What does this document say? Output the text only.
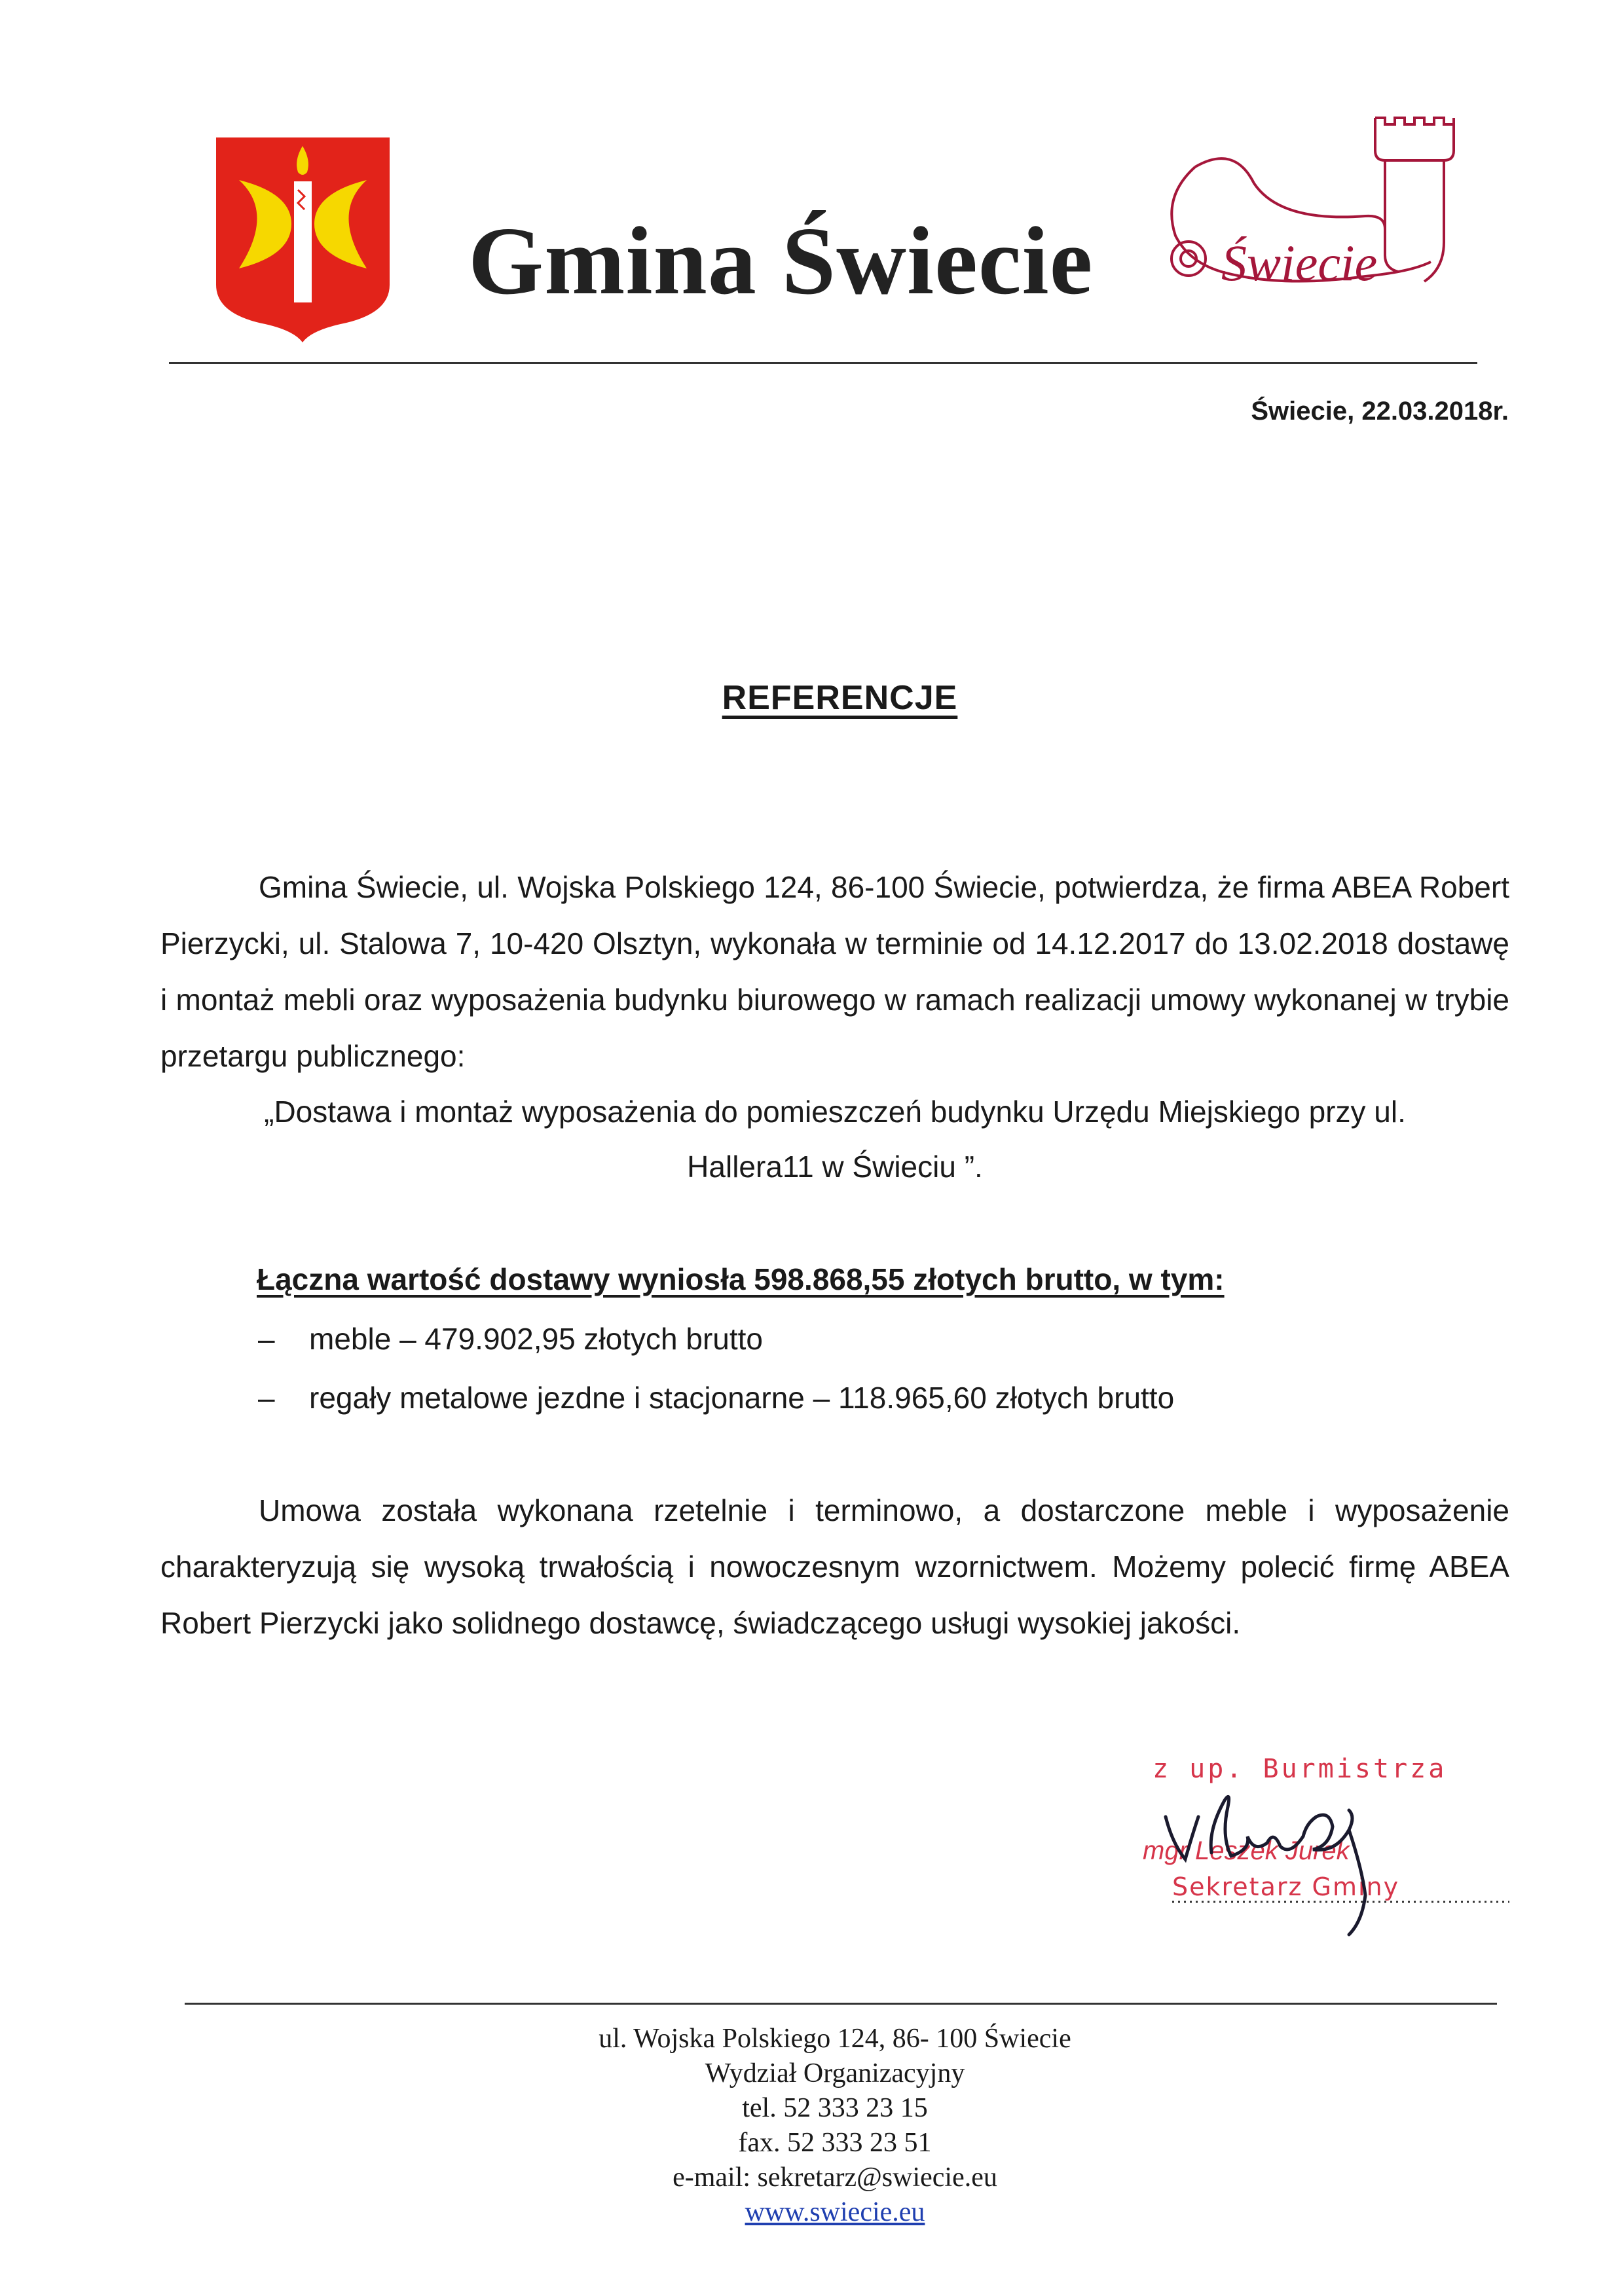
Gmina Świecie	Świecie
Świecie, 22.03.2018r.
REFERENCJE
Gmina Świecie, ul. Wojska Polskiego 124, 86-100 Świecie, potwierdza, że firma ABEA Robert Pierzycki, ul. Stalowa 7, 10-420 Olsztyn, wykonała w terminie od 14.12.2017 do 13.02.2018 dostawę i montaż mebli oraz wyposażenia budynku biurowego w ramach realizacji umowy wykonanej w trybie przetargu publicznego:
„Dostawa i montaż wyposażenia do pomieszczeń budynku Urzędu Miejskiego przy ul. Hallera11 w Świeciu ”.
Łączna wartość dostawy wyniosła 598.868,55 złotych brutto, w tym:
– meble – 479.902,95 złotych brutto
– regały metalowe jezdne i stacjonarne – 118.965,60 złotych brutto
Umowa została wykonana rzetelnie i terminowo, a dostarczone meble i wyposażenie charakteryzują się wysoką trwałością i nowoczesnym wzornictwem. Możemy polecić firmę ABEA Robert Pierzycki jako solidnego dostawcę, świadczącego usługi wysokiej jakości.
z up. Burmistrza
mgr Leszek Jurek
Sekretarz Gminy
ul. Wojska Polskiego 124, 86- 100 Świecie
Wydział Organizacyjny
tel. 52 333 23 15
fax. 52 333 23 51
e-mail: sekretarz@swiecie.eu
www.swiecie.eu
